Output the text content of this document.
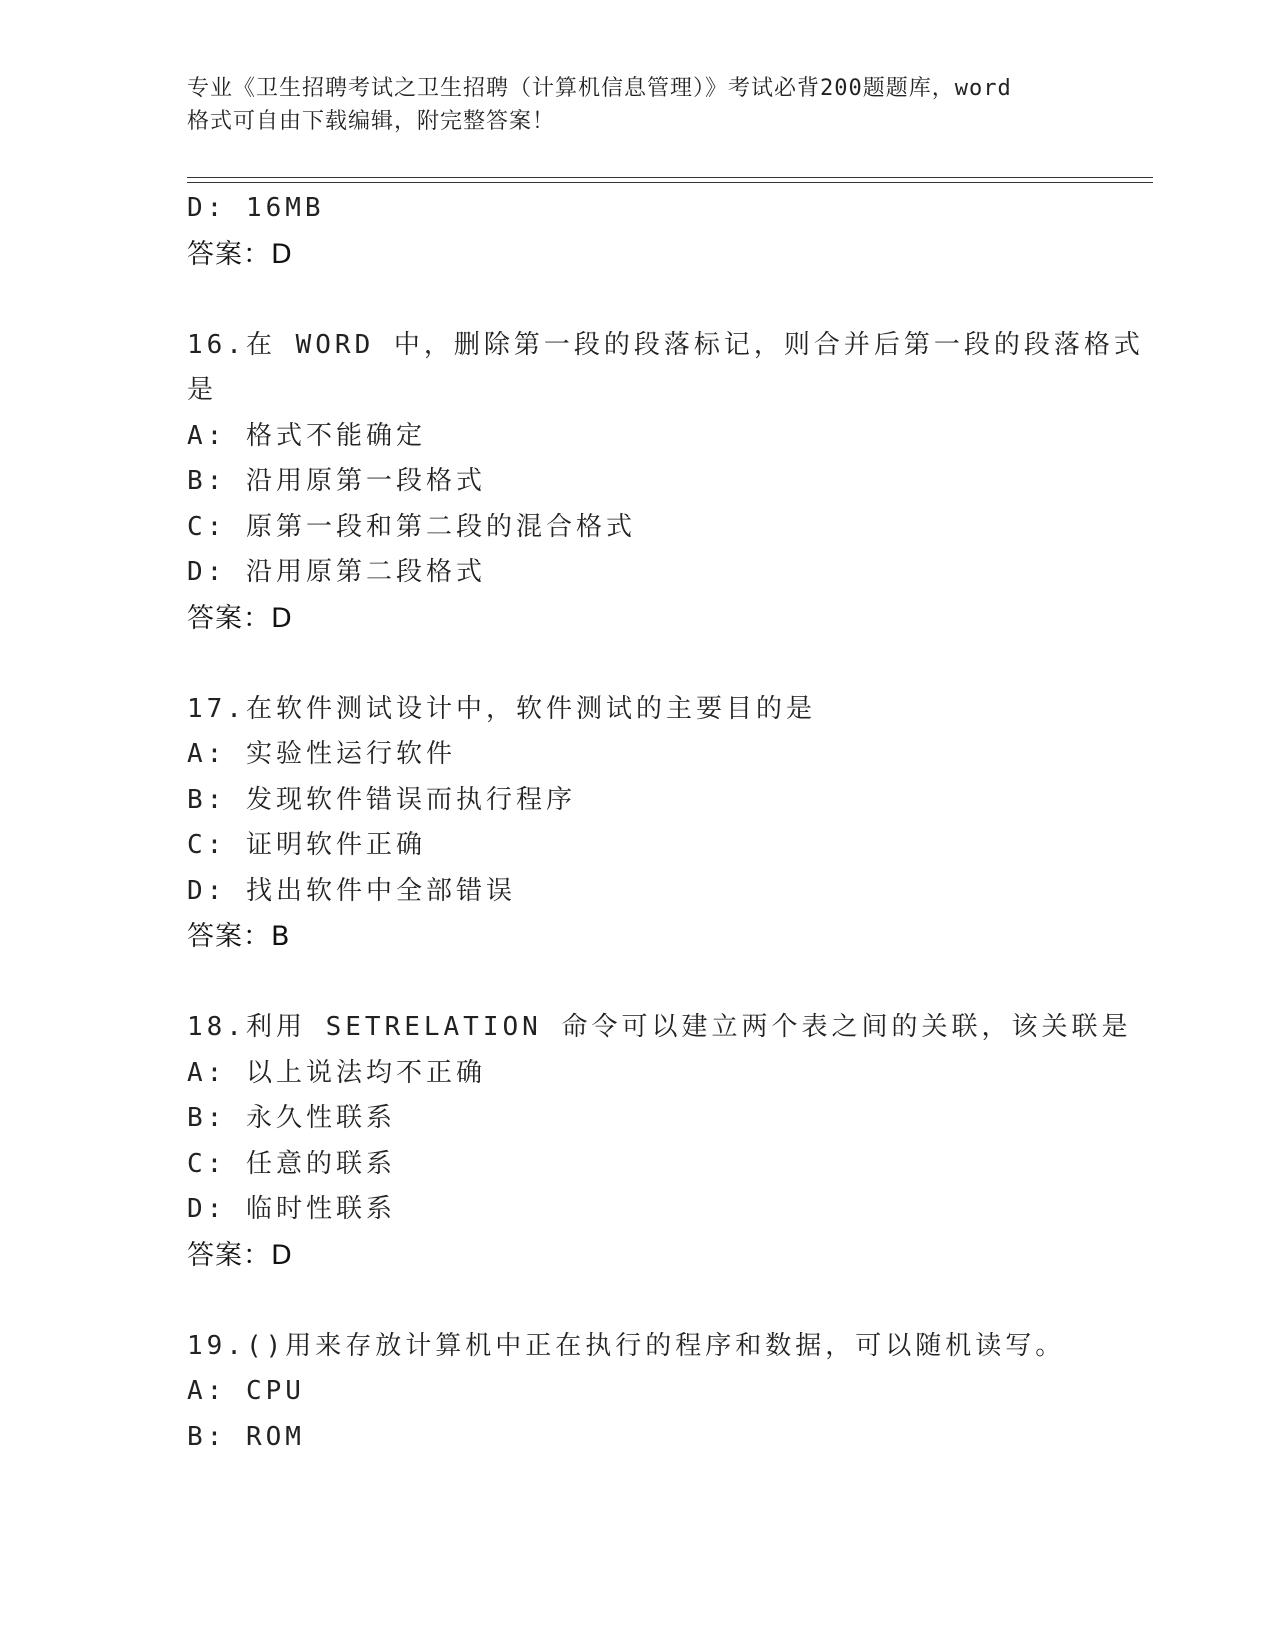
专业《卫生招聘考试之卫生招聘（计算机信息管理）》考试必背200题题库，word
格式可自由下载编辑，附完整答案！
D: 16MB
答案：D
16.在 WORD 中，删除第一段的段落标记，则合并后第一段的段落格式
是
A: 格式不能确定
B: 沿用原第一段格式
C: 原第一段和第二段的混合格式
D: 沿用原第二段格式
答案：D
17.在软件测试设计中，软件测试的主要目的是
A: 实验性运行软件
B: 发现软件错误而执行程序
C: 证明软件正确
D: 找出软件中全部错误
答案：B
18.利用 SETRELATION 命令可以建立两个表之间的关联，该关联是
A: 以上说法均不正确
B: 永久性联系
C: 任意的联系
D: 临时性联系
答案：D
19.()用来存放计算机中正在执行的程序和数据，可以随机读写。
A: CPU
B: ROM
